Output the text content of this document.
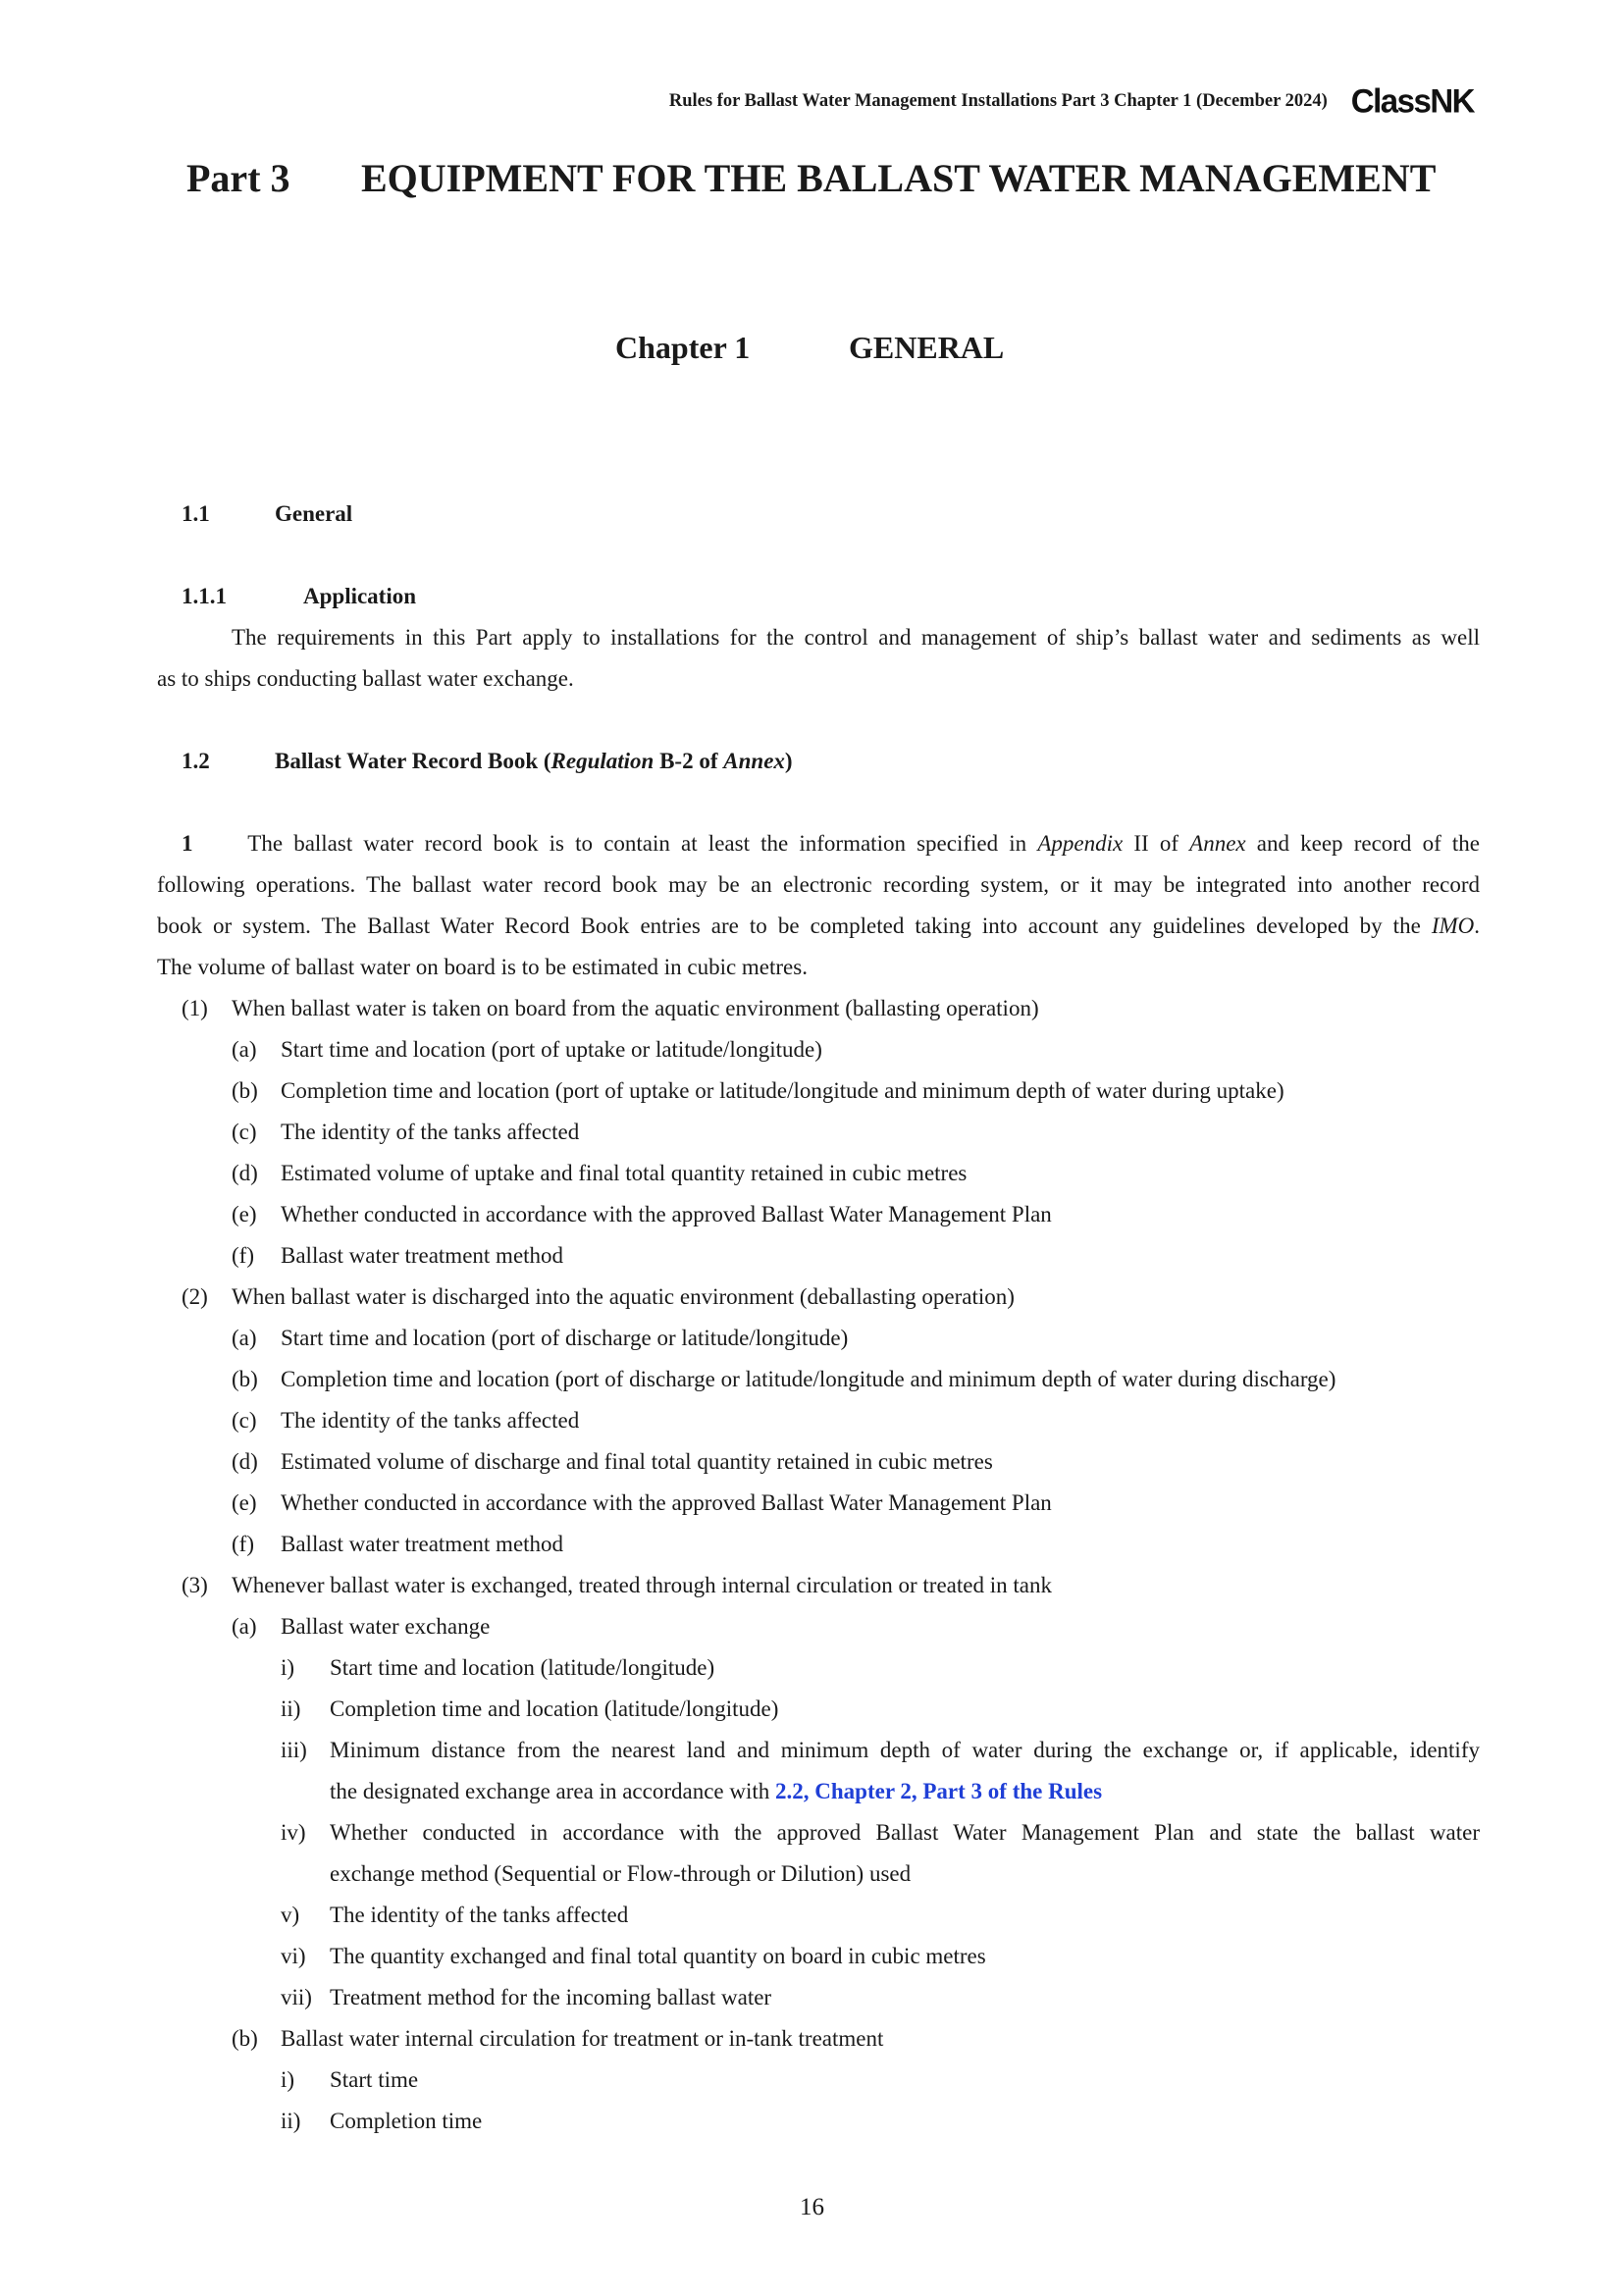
Rules for Ballast Water Management Installations Part 3 Chapter 1 (December 2024) ClassNK
Part 3 EQUIPMENT FOR THE BALLAST WATER MANAGEMENT
Chapter 1	GENERAL
1.1	General
1.1.1	Application
The requirements in this Part apply to installations for the control and management of ship’s ballast water and sediments as well
as to ships conducting ballast water exchange.
1.2	Ballast Water Record Book (Regulation B-2 of Annex)
1 The ballast water record book is to contain at least the information specified in Appendix II of Annex and keep record of the
following operations. The ballast water record book may be an electronic recording system, or it may be integrated into another record
book or system. The Ballast Water Record Book entries are to be completed taking into account any guidelines developed by the IMO.
The volume of ballast water on board is to be estimated in cubic metres.
(1) When ballast water is taken on board from the aquatic environment (ballasting operation)
(a) Start time and location (port of uptake or latitude/longitude)
(b) Completion time and location (port of uptake or latitude/longitude and minimum depth of water during uptake)
(c) The identity of the tanks affected
(d) Estimated volume of uptake and final total quantity retained in cubic metres
(e) Whether conducted in accordance with the approved Ballast Water Management Plan
(f) Ballast water treatment method
(2) When ballast water is discharged into the aquatic environment (deballasting operation)
(a) Start time and location (port of discharge or latitude/longitude)
(b) Completion time and location (port of discharge or latitude/longitude and minimum depth of water during discharge)
(c) The identity of the tanks affected
(d) Estimated volume of discharge and final total quantity retained in cubic metres
(e) Whether conducted in accordance with the approved Ballast Water Management Plan
(f) Ballast water treatment method
(3) Whenever ballast water is exchanged, treated through internal circulation or treated in tank
(a) Ballast water exchange
i) Start time and location (latitude/longitude)
ii) Completion time and location (latitude/longitude)
iii) Minimum distance from the nearest land and minimum depth of water during the exchange or, if applicable, identify
the designated exchange area in accordance with 2.2, Chapter 2, Part 3 of the Rules
iv) Whether conducted in accordance with the approved Ballast Water Management Plan and state the ballast water
exchange method (Sequential or Flow-through or Dilution) used
v) The identity of the tanks affected
vi) The quantity exchanged and final total quantity on board in cubic metres
vii) Treatment method for the incoming ballast water
(b) Ballast water internal circulation for treatment or in-tank treatment
i) Start time
ii) Completion time
16
